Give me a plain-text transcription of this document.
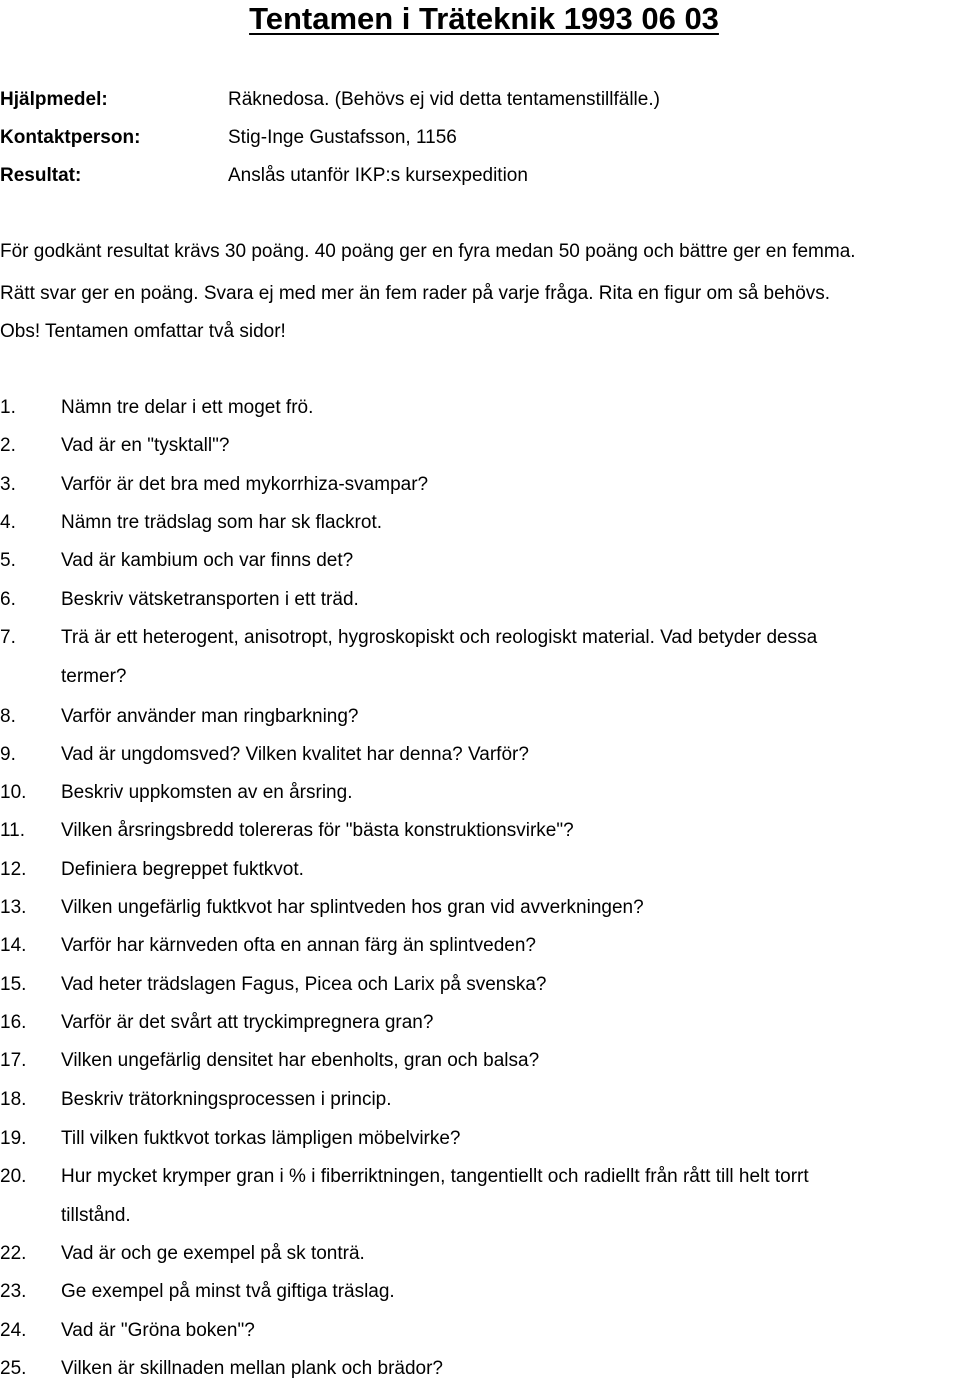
Tentamen i Träteknik 1993 06 03
Hjälpmedel:	Räknedosa. (Behövs ej vid detta tentamenstillfälle.)
Kontaktperson:	Stig-Inge Gustafsson, 1156
Resultat:	Anslås utanför IKP:s kursexpedition
För godkänt resultat krävs 30 poäng. 40 poäng ger en fyra medan 50 poäng och bättre ger en femma.
Rätt svar ger en poäng. Svara ej med mer än fem rader på varje fråga. Rita en figur om så behövs.
Obs! Tentamen omfattar två sidor!
1. Nämn tre delar i ett moget frö.
2. Vad är en "tysktall"?
3. Varför är det bra med mykorrhiza-svampar?
4. Nämn tre trädslag som har sk flackrot.
5. Vad är kambium och var finns det?
6. Beskriv vätsketransporten i ett träd.
7. Trä är ett heterogent, anisotropt, hygroskopiskt och reologiskt material. Vad betyder dessa
termer?
8. Varför använder man ringbarkning?
9. Vad är ungdomsved? Vilken kvalitet har denna? Varför?
10. Beskriv uppkomsten av en årsring.
11. Vilken årsringsbredd tolereras för "bästa konstruktionsvirke"?
12. Definiera begreppet fuktkvot.
13. Vilken ungefärlig fuktkvot har splintveden hos gran vid avverkningen?
14. Varför har kärnveden ofta en annan färg än splintveden?
15. Vad heter trädslagen Fagus, Picea och Larix på svenska?
16. Varför är det svårt att tryckimpregnera gran?
17. Vilken ungefärlig densitet har ebenholts, gran och balsa?
18. Beskriv trätorkningsprocessen i princip.
19. Till vilken fuktkvot torkas lämpligen möbelvirke?
20. Hur mycket krymper gran i % i fiberriktningen, tangentiellt och radiellt från rått till helt torrt
tillstånd.
22. Vad är och ge exempel på sk tonträ.
23. Ge exempel på minst två giftiga träslag.
24. Vad är "Gröna boken"?
25. Vilken är skillnaden mellan plank och brädor?
